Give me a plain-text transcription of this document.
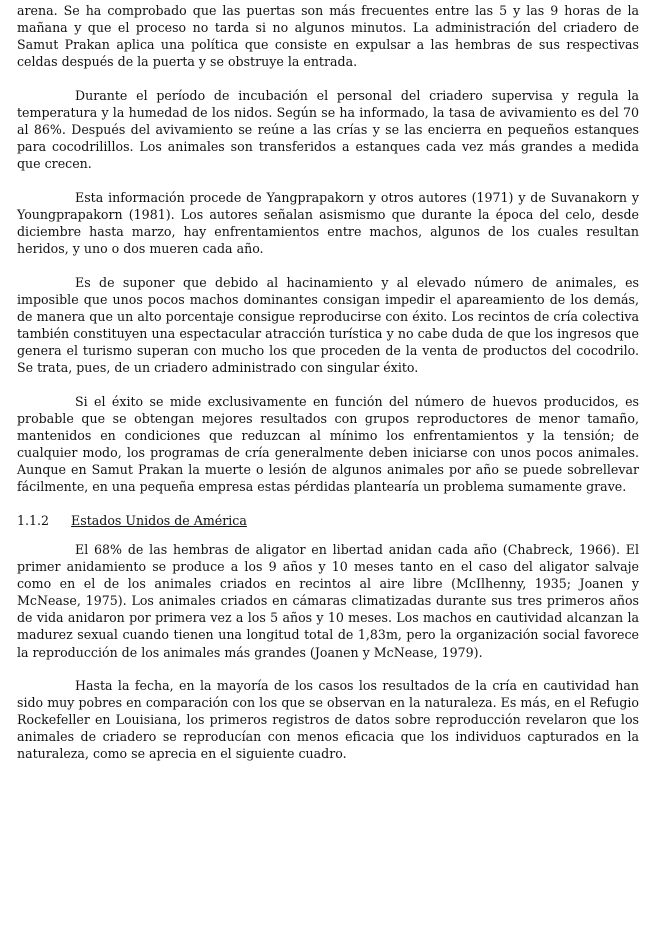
arena. Se ha comprobado que las puertas son más frecuentes entre las 5 y las 9 horas de la mañana y que el proceso no tarda si no algunos minutos. La administración del criadero de Samut Prakan aplica una política que consiste en expulsar a las hembras de sus respectivas celdas después de la puerta y se obstruye la entrada.

Durante el período de incubación el personal del criadero supervisa y regula la temperatura y la humedad de los nidos. Según se ha informado, la tasa de avivamiento es del 70 al 86%. Después del avivamiento se reúne a las crías y se las encierra en pequeños estanques para cocodrilillos. Los animales son transferidos a estanques cada vez más grandes a medida que crecen.

Esta información procede de Yangprapakorn y otros autores (1971) y de Suvanakorn y Youngprapakorn (1981). Los autores señalan asismismo que durante la época del celo, desde diciembre hasta marzo, hay enfrentamientos entre machos, algunos de los cuales resultan heridos, y uno o dos mueren cada año.

Es de suponer que debido al hacinamiento y al elevado número de animales, es imposible que unos pocos machos dominantes consigan impedir el apareamiento de los demás, de manera que un alto porcentaje consigue reproducirse con éxito. Los recintos de cría colectiva también constituyen una espectacular atracción turística y no cabe duda de que los ingresos que genera el turismo superan con mucho los que proceden de la venta de productos del cocodrilo. Se trata, pues, de un criadero administrado con singular éxito.

Si el éxito se mide exclusivamente en función del número de huevos producidos, es probable que se obtengan mejores resultados con grupos reproductores de menor tamaño, mantenidos en condiciones que reduzcan al mínimo los enfrentamientos y la tensión; de cualquier modo, los programas de cría generalmente deben iniciarse con unos pocos animales. Aunque en Samut Prakan la muerte o lesión de algunos animales por año se puede sobrellevar fácilmente, en una pequeña empresa estas pérdidas plantearía un problema sumamente grave.

1.1.2 Estados Unidos de América

El 68% de las hembras de aligator en libertad anidan cada año (Chabreck, 1966). El primer anidamiento se produce a los 9 años y 10 meses tanto en el caso del aligator salvaje como en el de los animales criados en recintos al aire libre (McIlhenny, 1935; Joanen y McNease, 1975). Los animales criados en cámaras climatizadas durante sus tres primeros años de vida anidaron por primera vez a los 5 años y 10 meses. Los machos en cautividad alcanzan la madurez sexual cuando tienen una longitud total de 1,83m, pero la organización social favorece la reproducción de los animales más grandes (Joanen y McNease, 1979).

Hasta la fecha, en la mayoría de los casos los resultados de la cría en cautividad han sido muy pobres en comparación con los que se observan en la naturaleza. Es más, en el Refugio Rockefeller en Louisiana, los primeros registros de datos sobre reproducción revelaron que los animales de criadero se reproducían con menos eficacia que los individuos capturados en la naturaleza, como se aprecia en el siguiente cuadro.
